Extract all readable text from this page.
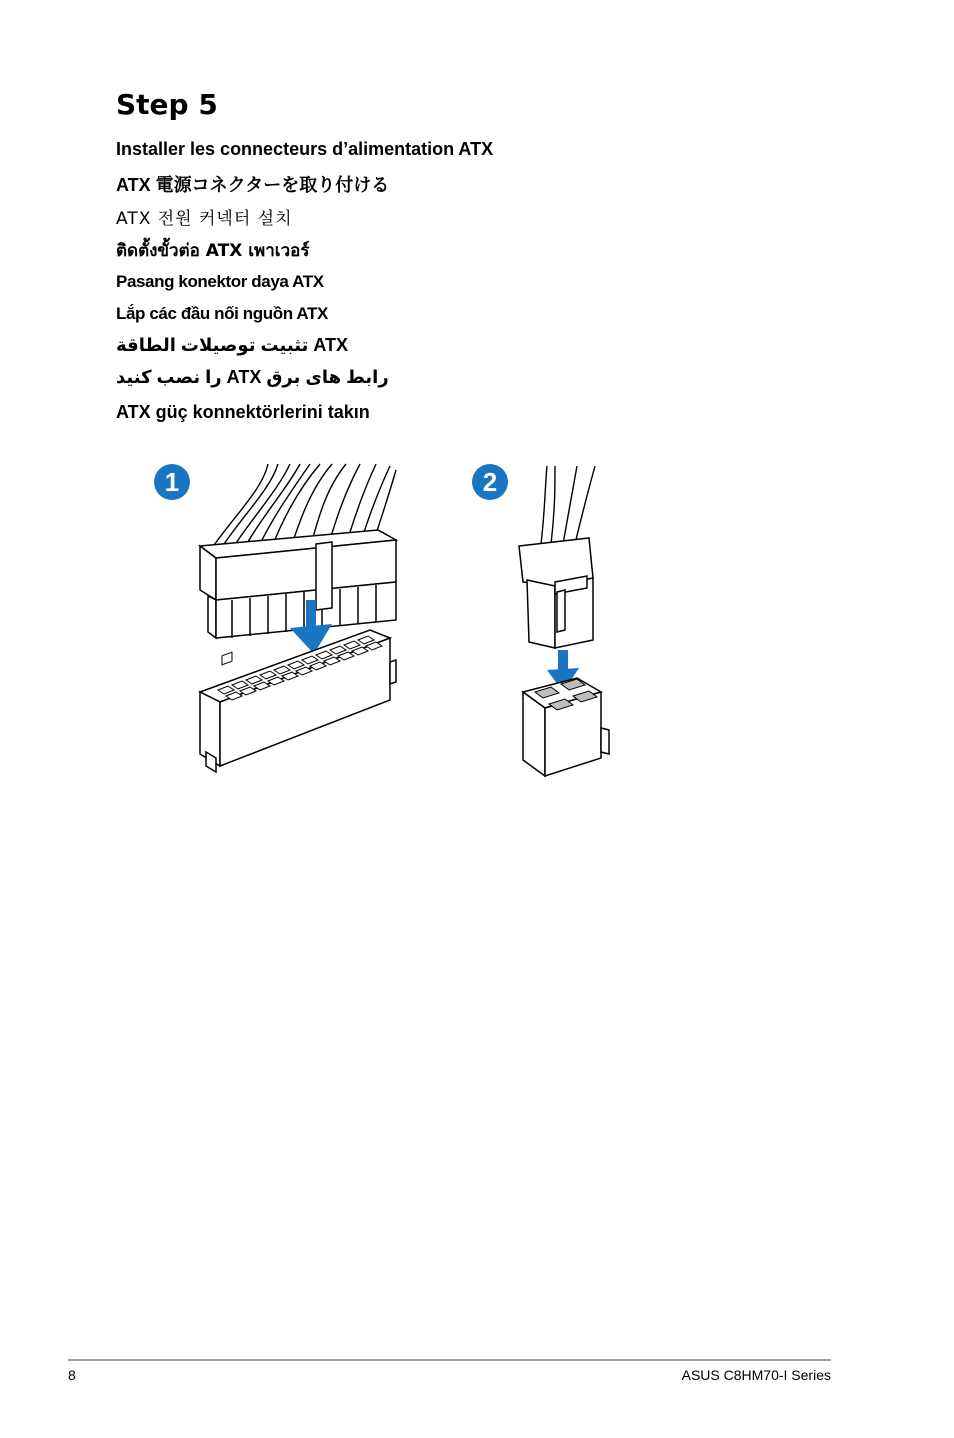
Step 5

Installer les connecteurs d’alimentation ATX

ATX 電源コネクターを取り付ける

ATX 전원 커넥터 설치

ติดตั้งขั้วต่อ ATX เพาเวอร์

Pasang konektor daya ATX

Lắp các đầu nối nguồn ATX

ATX تثبيت توصيلات الطاقة

رابط های برق ATX را نصب کنید

ATX güç konnektörlerini takın

1	2
8	ASUS C8HM70-I Series
